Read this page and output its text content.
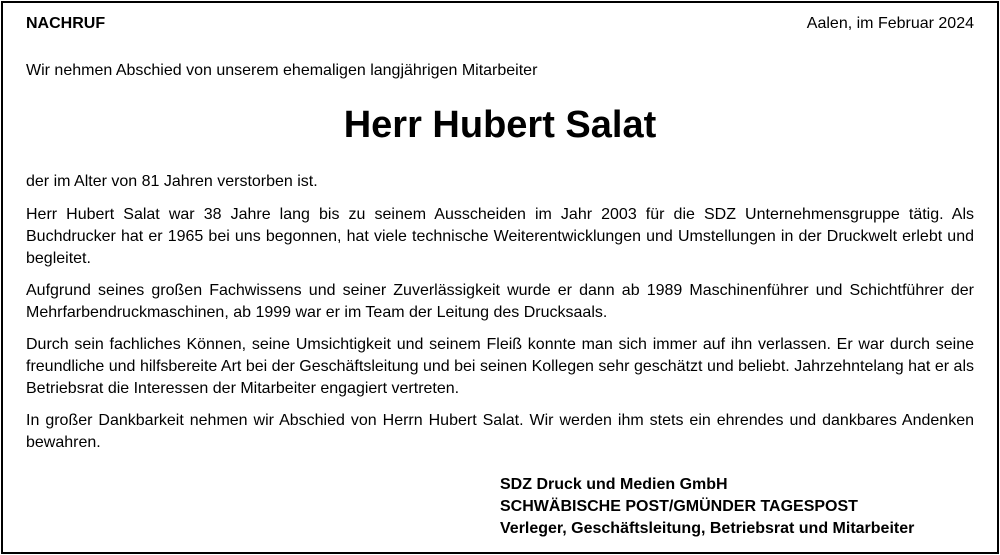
NACHRUF	Aalen, im Februar 2024
Wir nehmen Abschied von unserem ehemaligen langjährigen Mitarbeiter
Herr Hubert Salat

der im Alter von 81 Jahren verstorben ist.

Herr Hubert Salat war 38 Jahre lang bis zu seinem Ausscheiden im Jahr 2003 für die SDZ Unternehmensgruppe tätig. Als Buchdrucker hat er 1965 bei uns begonnen, hat viele technische Weiterentwicklungen und Umstellungen in der Druckwelt erlebt und begleitet.

Aufgrund seines großen Fachwissens und seiner Zuverlässigkeit wurde er dann ab 1989 Maschinenführer und Schichtführer der Mehrfarbendruckmaschinen, ab 1999 war er im Team der Leitung des Drucksaals.

Durch sein fachliches Können, seine Umsichtigkeit und seinem Fleiß konnte man sich immer auf ihn verlassen. Er war durch seine freundliche und hilfsbereite Art bei der Geschäftsleitung und bei seinen Kollegen sehr geschätzt und beliebt. Jahrzehntelang hat er als Betriebsrat die Interessen der Mitarbeiter engagiert vertreten.

In großer Dankbarkeit nehmen wir Abschied von Herrn Hubert Salat. Wir werden ihm stets ein ehrendes und dankbares Andenken bewahren.

SDZ Druck und Medien GmbH
SCHWÄBISCHE POST/GMÜNDER TAGESPOST
Verleger, Geschäftsleitung, Betriebsrat und Mitarbeiter
